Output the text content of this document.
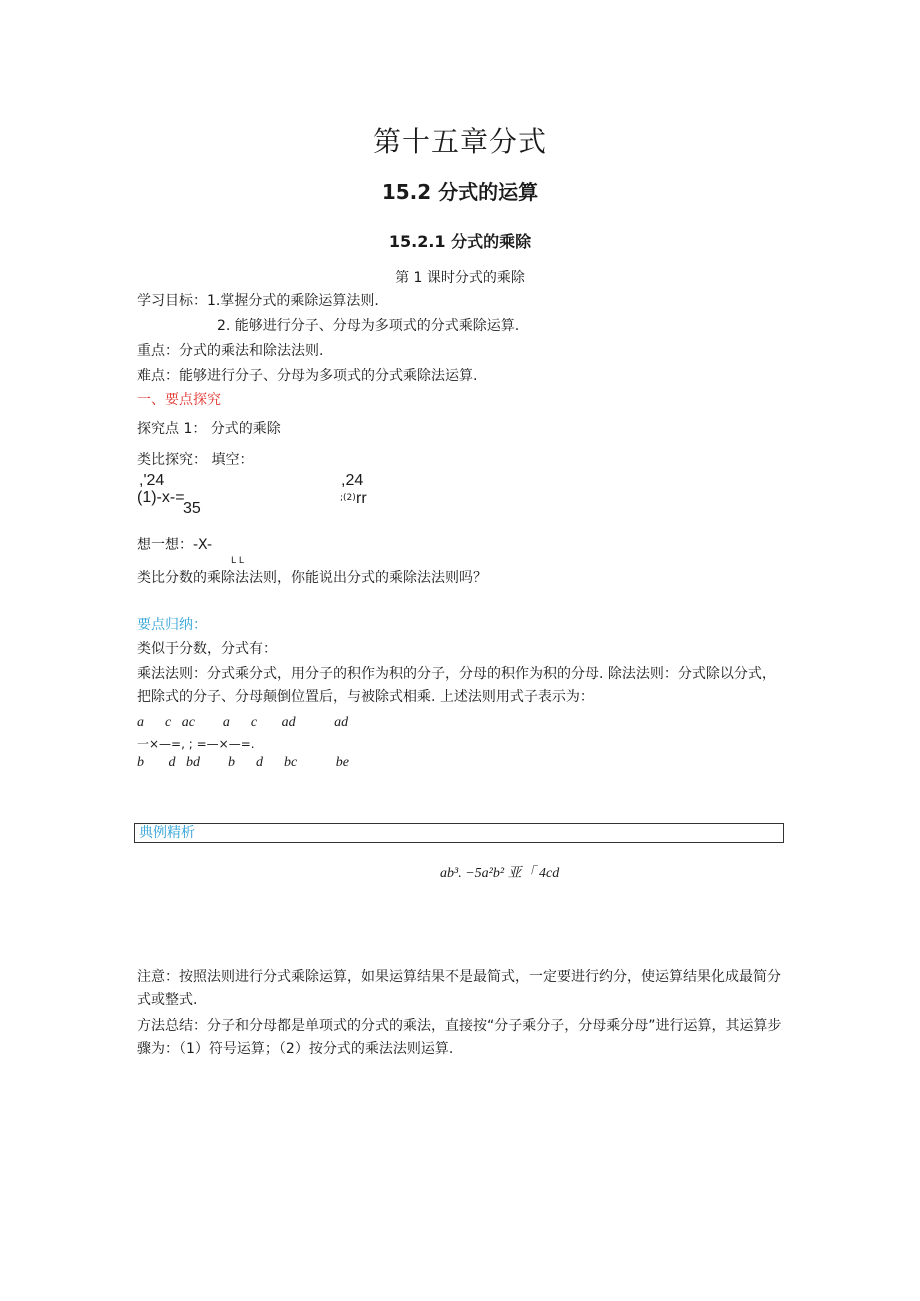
第十五章分式
15.2 分式的运算
15.2.1 分式的乘除
第 1 课时分式的乘除
学习目标：1.掌握分式的乘除运算法则.
2. 能够进行分子、分母为多项式的分式乘除运算.
重点：分式的乘法和除法法则.
难点：能够进行分子、分母为多项式的分式乘除法运算.
一、要点探究
探究点 1： 分式的乘除
类比探究： 填空：
,'24	,24
(1)-x-=	;(2) rr
35
想一想：-X-
L L
类比分数的乘除法法则，你能说出分式的乘除法法则吗？
要点归纳：
类似于分数，分式有：
乘法法则：分式乘分式，用分子的积作为积的分子，分母的积作为积的分母. 除法法则：分式除以分式，把除式的分子、分母颠倒位置后，与被除式相乘. 上述法则用式子表示为：
a      c   ac        a      c       ad           ad
一×—=, ; =—×—=.
b       d   bd        b      d      bc           be
典例精析
ab³. −5a²b² 亚「 4cd
注意：按照法则进行分式乘除运算，如果运算结果不是最简式，一定要进行约分，使运算结果化成最简分式或整式.
方法总结：分子和分母都是单项式的分式的乘法，直接按“分子乘分子，分母乘分母”进行运算，其运算步骤为：（1）符号运算；（2）按分式的乘法法则运算.
